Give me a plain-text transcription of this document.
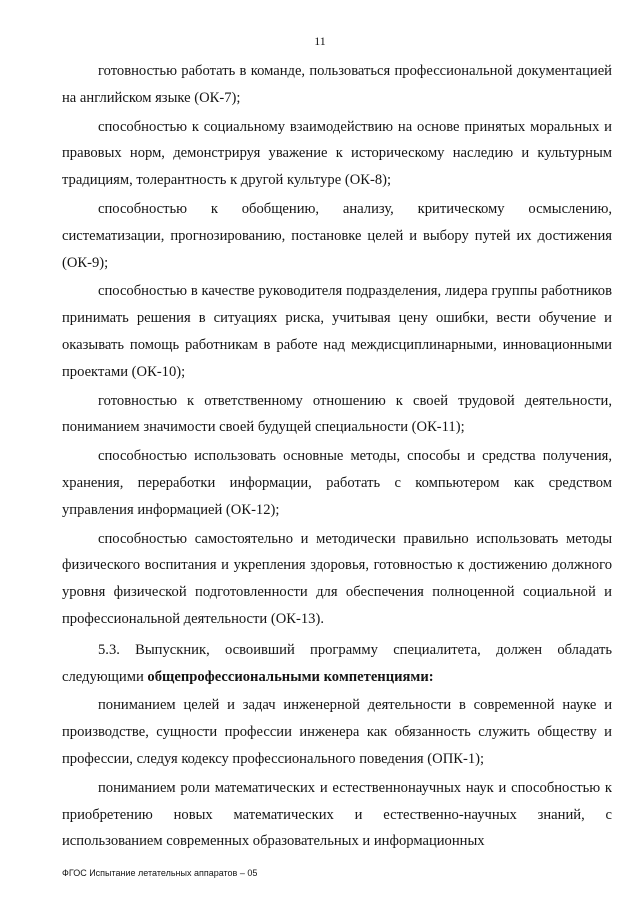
11

готовностью работать в команде, пользоваться профессиональной документацией на английском языке (ОК-7);

способностью к социальному взаимодействию на основе принятых моральных и правовых норм, демонстрируя уважение к историческому наследию и культурным традициям, толерантность к другой культуре (ОК-8);

способностью к обобщению, анализу, критическому осмыслению, систематизации, прогнозированию, постановке целей и выбору путей их достижения (ОК-9);

способностью в качестве руководителя подразделения, лидера группы работников принимать решения в ситуациях риска, учитывая цену ошибки, вести обучение и оказывать помощь работникам в работе над междисциплинарными, инновационными проектами (ОК-10);

готовностью к ответственному отношению к своей трудовой деятельности, пониманием значимости своей будущей специальности (ОК-11);

способностью использовать основные методы, способы и средства получения, хранения, переработки информации, работать с компьютером как средством управления информацией (ОК-12);

способностью самостоятельно и методически правильно использовать методы физического воспитания и укрепления здоровья, готовностью к достижению должного уровня физической подготовленности для обеспечения полноценной социальной и профессиональной деятельности (ОК-13).

5.3. Выпускник, освоивший программу специалитета, должен обладать следующими общепрофессиональными компетенциями:

пониманием целей и задач инженерной деятельности в современной науке и производстве, сущности профессии инженера как обязанность служить обществу и профессии, следуя кодексу профессионального поведения (ОПК-1);

пониманием роли математических и естественнонаучных наук и способностью к приобретению новых математических и естественно-научных знаний, с использованием современных образовательных и информационных

ФГОС Испытание летательных аппаратов – 05
